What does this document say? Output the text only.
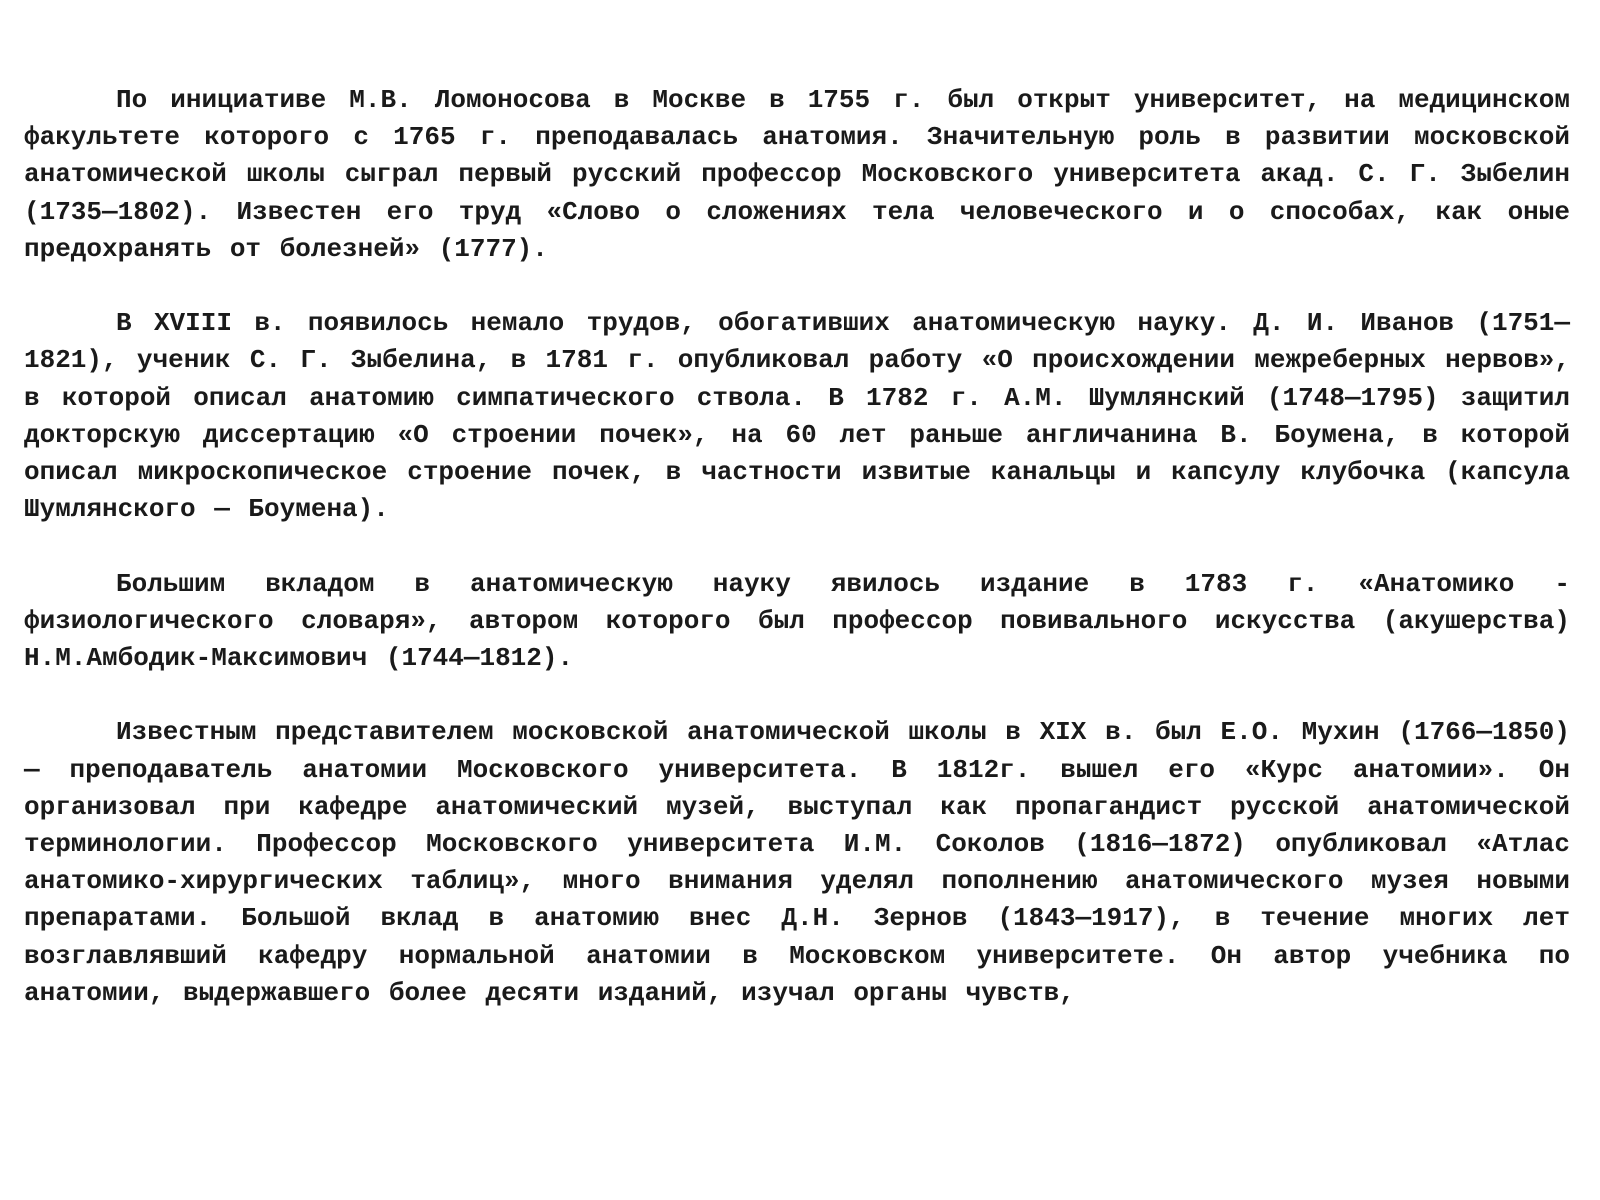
По инициативе М.В. Ломоносова в Москве в 1755 г. был открыт университет, на медицинском факультете которого с 1765 г. преподавалась анатомия. Значительную роль в развитии московской анатомической школы сыграл первый русский профессор Московского университета акад. С. Г. Зыбелин (1735—1802). Известен его труд «Слово о сложениях тела человеческого и о способах, как оные предохранять от болезней» (1777).

В XVIII в. появилось немало трудов, обогативших анатомическую науку. Д. И. Иванов (1751—1821), ученик С. Г. Зыбелина, в 1781 г. опубликовал работу «О происхождении межреберных нервов», в которой описал анатомию симпатического ствола. В 1782 г. А.М. Шумлянский (1748—1795) защитил докторскую диссертацию «О строении почек», на 60 лет раньше англичанина В. Боумена, в которой описал микроскопическое строение почек, в частности извитые канальцы и капсулу клубочка (капсула Шумлянского — Боумена).

Большим вкладом в анатомическую науку явилось издание в 1783 г. «Анатомико - физиологического словаря», автором которого был профессор повивального искусства (акушерства) Н.М.Амбодик-Максимович (1744—1812).

Известным представителем московской анатомической школы в XIX в. был Е.О. Мухин (1766—1850) — преподаватель анатомии Московского университета. В 1812г. вышел его «Курс анатомии». Он организовал при кафедре анатомический музей, выступал как пропагандист русской анатомической терминологии. Профессор Московского университета И.М. Соколов (1816—1872) опубликовал «Атлас анатомико-хирургических таблиц», много внимания уделял пополнению анатомического музея новыми препаратами. Большой вклад в анатомию внес Д.Н. Зернов (1843—1917), в течение многих лет возглавлявший кафедру нормальной анатомии в Московском университете. Он автор учебника по анатомии, выдержавшего более десяти изданий, изучал органы чувств,
